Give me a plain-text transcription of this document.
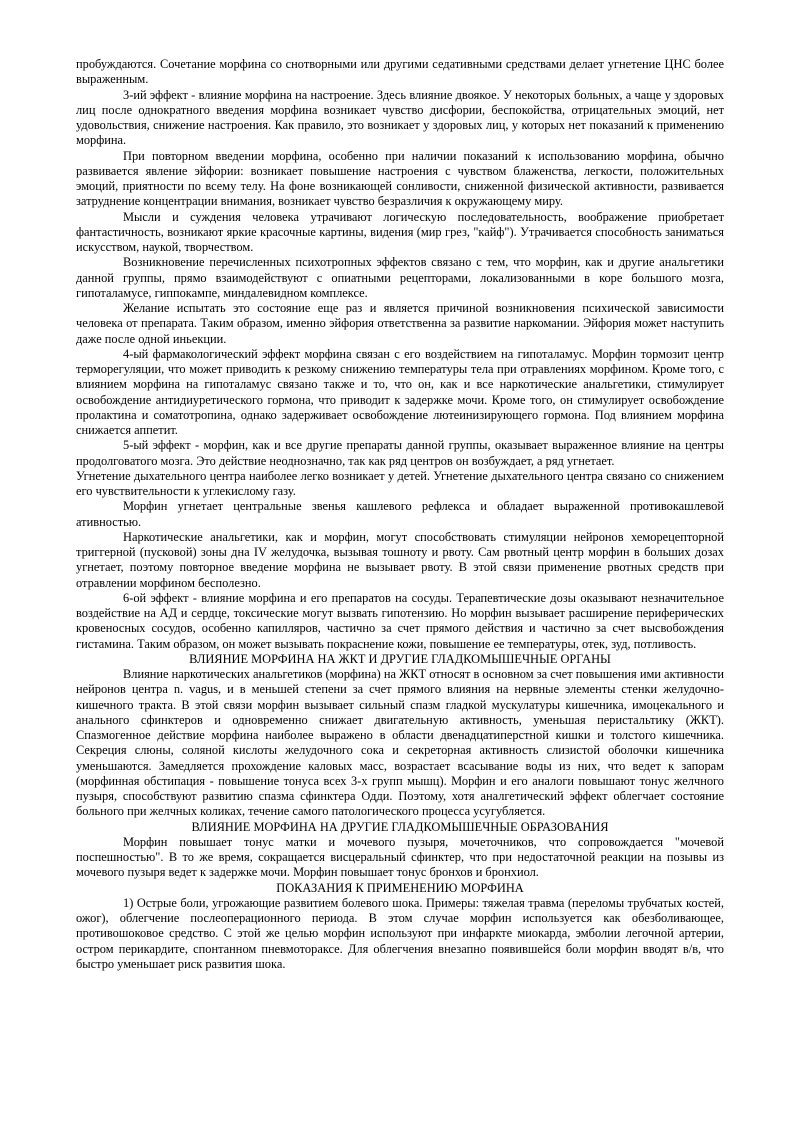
пробуждаются. Сочетание морфина со снотворными или другими седативными средствами делает угнетение ЦНС более выраженным.

3-ий эффект - влияние морфина на настроение. Здесь влияние двоякое. У некоторых больных, а чаще у здоровых лиц после однократного введения морфина возникает чувство дисфории, беспокойства, отрицательных эмоций, нет удовольствия, снижение настроения. Как правило, это возникает у здоровых лиц, у которых нет показаний к применению морфина.

При повторном введении морфина, особенно при наличии показаний к использованию морфина, обычно развивается явление эйфории: возникает повышение настроения с чувством блаженства, легкости, положительных эмоций, приятности по всему телу. На фоне возникающей сонливости, сниженной физической активности, развивается затруднение концентрации внимания, возникает чувство безразличия к окружающему миру.

Мысли и суждения человека утрачивают логическую последовательность, воображение приобретает фантастичность, возникают яркие красочные картины, видения (мир грез, "кайф"). Утрачивается способность заниматься искусством, наукой, творчеством.

Возникновение перечисленных психотропных эффектов связано с тем, что морфин, как и другие анальгетики данной группы, прямо взаимодействуют с опиатными рецепторами, локализованными в коре большого мозга, гипоталамусе, гиппокампе, миндалевидном комплексе.

Желание испытать это состояние еще раз и является причиной возникновения психической зависимости человека от препарата. Таким образом, именно эйфория ответственна за развитие наркомании. Эйфория может наступить даже после одной иньекции.

4-ый фармакологический эффект морфина связан с его воздействием на гипоталамус. Морфин тормозит центр терморегуляции, что может приводить к резкому снижению температуры тела при отравлениях морфином. Кроме того, с влиянием морфина на гипоталамус связано также и то, что он, как и все наркотические анальгетики, стимулирует освобождение антидиуретического гормона, что приводит к задержке мочи. Кроме того, он стимулирует освобождение пролактина и соматотропина, однако задерживает освобождение лютеинизирующего гормона. Под влиянием морфина снижается аппетит.

5-ый эффект - морфин, как и все другие препараты данной группы, оказывает выраженное влияние на центры продолговатого мозга. Это действие неоднозначно, так как ряд центров он возбуждает, а ряд угнетает.

Угнетение дыхательного центра наиболее легко возникает у детей. Угнетение дыхательного центра связано со снижением его чувствительности к углекислому газу.

Морфин угнетает центральные звенья кашлевого рефлекса и обладает выраженной противокашлевой ативностью.

Наркотические анальгетики, как и морфин, могут способствовать стимуляции нейронов хеморецепторной триггерной (пусковой) зоны дна IV желудочка, вызывая тошноту и рвоту. Сам рвотный центр морфин в больших дозах угнетает, поэтому повторное введение морфина не вызывает рвоту. В этой связи применение рвотных средств при отравлении морфином бесполезно.

6-ой эффект - влияние морфина и его препаратов на сосуды. Терапевтические дозы оказывают незначительное воздействие на АД и сердце, токсические могут вызвать гипотензию. Но морфин вызывает расширение периферических кровеносных сосудов, особенно капилляров, частично за счет прямого действия и частично за счет высвобождения гистамина. Таким образом, он может вызывать покраснение кожи, повышение ее температуры, отек, зуд, потливость.

ВЛИЯНИЕ МОРФИНА НА ЖКТ И ДРУГИЕ ГЛАДКОМЫШЕЧНЫЕ ОРГАНЫ

Влияние наркотических анальгетиков (морфина) на ЖКТ относят в основном за счет повышения ими активности нейронов центра n. vagus, и в меньшей степени за счет прямого влияния на нервные элементы стенки желудочно-кишечного тракта. В этой связи морфин вызывает сильный спазм гладкой мускулатуры кишечника, имоцекального и анального сфинктеров и одновременно снижает двигательную активность, уменьшая перистальтику (ЖКТ). Спазмогенное действие морфина наиболее выражено в области двенадцатиперстной кишки и толстого кишечника. Секреция слюны, соляной кислоты желудочного сока и секреторная активность слизистой оболочки кишечника уменьшаются. Замедляется прохождение каловых масс, возрастает всасывание воды из них, что ведет к запорам (морфинная обстипация - повышение тонуса всех 3-х групп мышц). Морфин и его аналоги повышают тонус желчного пузыря, способствуют развитию спазма сфинктера Одди. Поэтому, хотя аналгетический эффект облегчает состояние больного при желчных коликах, течение самого патологического процесса усугубляется.

ВЛИЯНИЕ МОРФИНА НА ДРУГИЕ ГЛАДКОМЫШЕЧНЫЕ ОБРАЗОВАНИЯ

Морфин повышает тонус матки и мочевого пузыря, мочеточников, что сопровождается "мочевой поспешностью". В то же время, сокращается висцеральный сфинктер, что при недостаточной реакции на позывы из мочевого пузыря ведет к задержке мочи. Морфин повышает тонус бронхов и бронхиол.

ПОКАЗАНИЯ К ПРИМЕНЕНИЮ МОРФИНА

1) Острые боли, угрожающие развитием болевого шока. Примеры: тяжелая травма (переломы трубчатых костей, ожог), облегчение послеоперационного периода. В этом случае морфин используется как обезболивающее, противошоковое средство. С этой же целью морфин используют при инфаркте миокарда, эмболии легочной артерии, остром перикардите, спонтанном пневмотораксе. Для облегчения внезапно появившейся боли морфин вводят в/в, что быстро уменьшает риск развития шока.
